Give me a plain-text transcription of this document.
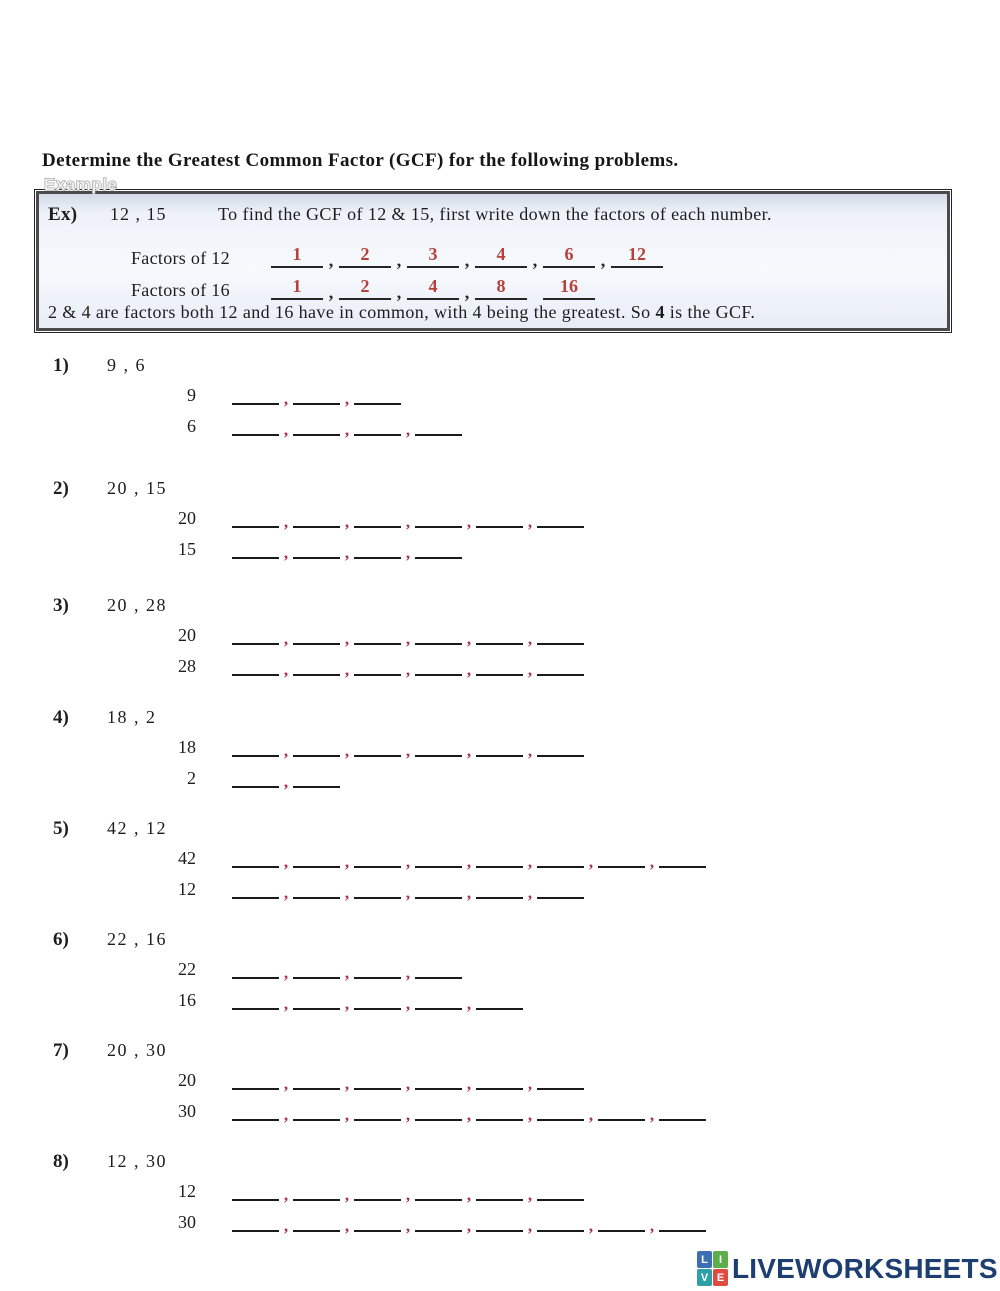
Determine the Greatest Common Factor (GCF) for the following problems.
Example
Ex) 12 , 15	To find the GCF of 12 & 15, first write down the factors of each number.
Factors of 12	1	,	2	,	3	,	4	,	6	,	12
Factors of 16	1	,	2	,	4	,	8	16
2 & 4 are factors both 12 and 16 have in common, with 4 being the greatest. So 4 is the GCF.
1) 9 , 6
9	,	,
6	,	,	,
2) 20 , 15
20	,	,	,	,	,
15	,	,	,
3) 20 , 28
20	,	,	,	,	,
28	,	,	,	,	,
4) 18 , 2
18	,	,	,	,	,
2	,
5) 42 , 12
42	,	,	,	,	,	,	,
12	,	,	,	,	,
6) 22 , 16
22	,	,	,
16	,	,	,	,
7) 20 , 30
20	,	,	,	,	,
30	,	,	,	,	,	,	,
8) 12 , 30
12	,	,	,	,	,
30	,	,	,	,	,	,	,
L	I
V E LIVEWORKSHEETS
